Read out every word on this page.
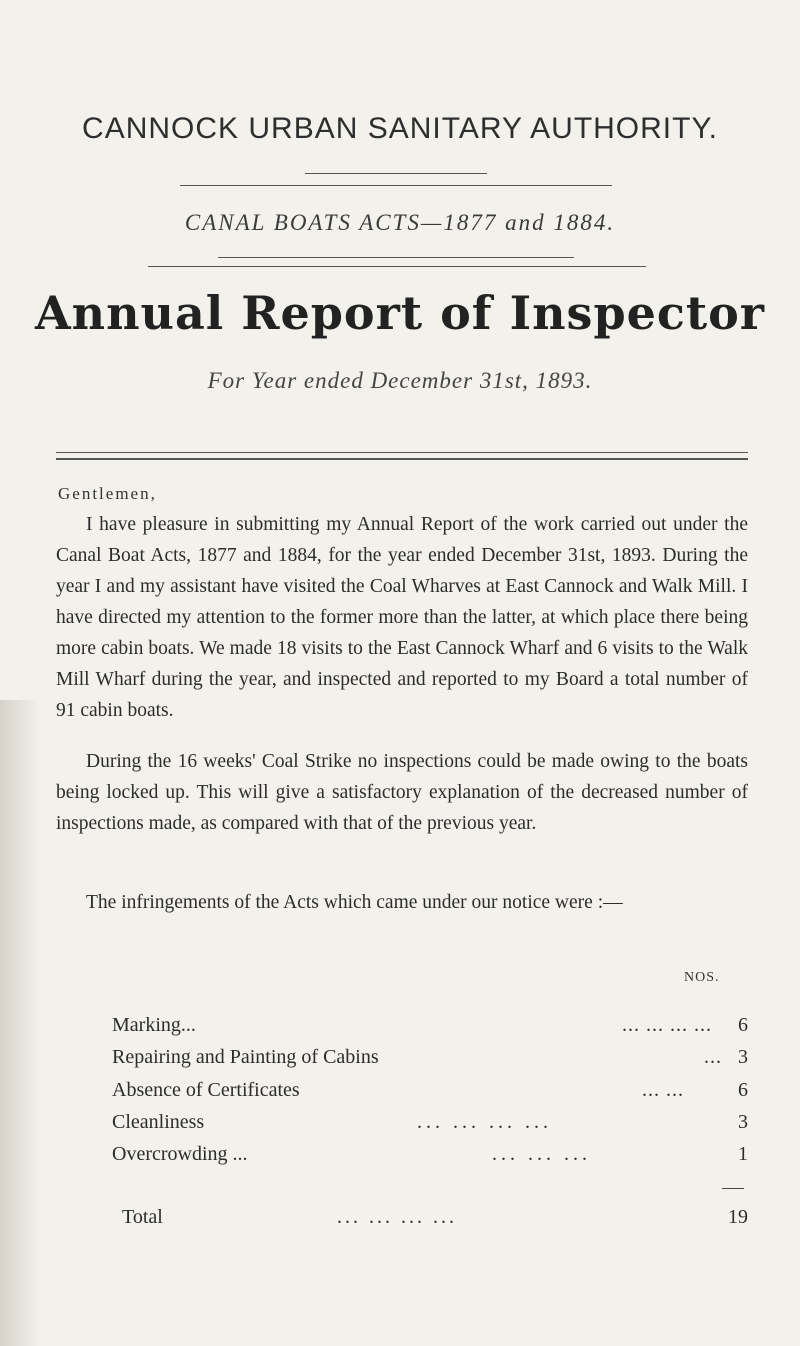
CANNOCK URBAN SANITARY AUTHORITY.
CANAL BOATS ACTS—1877 and 1884.
Annual Report of Inspector
For Year ended December 31st, 1893.
Gentlemen,

I have pleasure in submitting my Annual Report of the work carried out under the Canal Boat Acts, 1877 and 1884, for the year ended December 31st, 1893. During the year I and my assistant have visited the Coal Wharves at East Cannock and Walk Mill. I have directed my attention to the former more than the latter, at which place there being more cabin boats. We made 18 visits to the East Cannock Wharf and 6 visits to the Walk Mill Wharf during the year, and inspected and reported to my Board a total number of 91 cabin boats.

During the 16 weeks' Coal Strike no inspections could be made owing to the boats being locked up. This will give a satisfactory explanation of the decreased number of inspections made, as compared with that of the previous year.

The infringements of the Acts which came under our notice were :—

NOS.
Marking...	... ... ... ... 6
Repairing and Painting of Cabins	... 3
Absence of Certificates	... ...	6
Cleanliness	... ... ... ...	3
Overcrowding ...	... ... ...	1
Total	... ... ... ...	19
